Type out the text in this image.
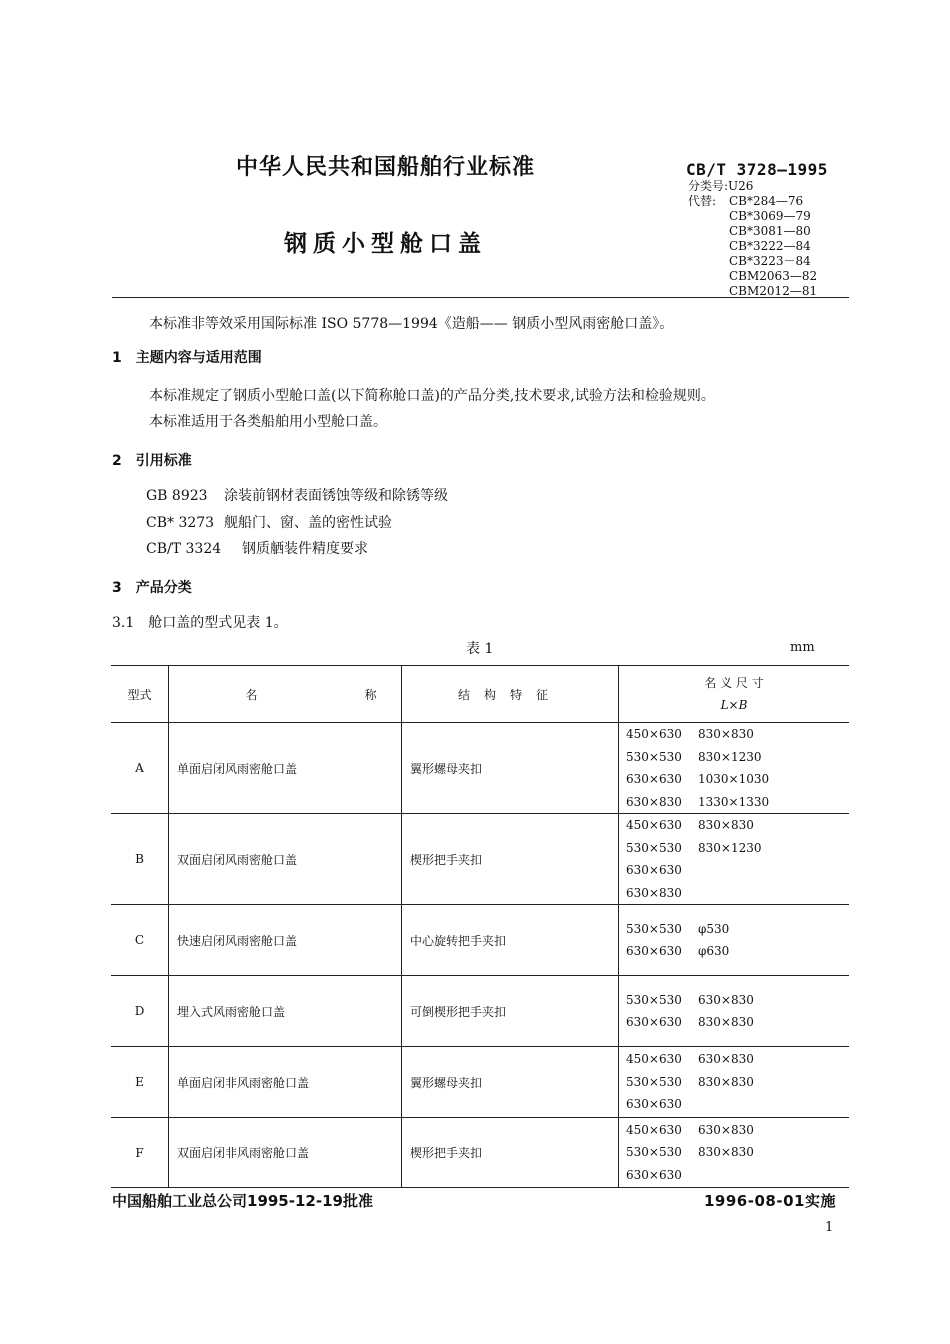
中华人民共和国船舶行业标准
钢质小型舱口盖
CB/T 3728—1995
分类号:U26
代替: CB*284—76
CB*3069—79
CB*3081—80
CB*3222—84
CB*3223－84
CBM2063—82
CBM2012—81
本标准非等效采用国际标准 ISO 5778—1994《造船—— 钢质小型风雨密舱口盖》。
1　主题内容与适用范围
本标准规定了钢质小型舱口盖(以下简称舱口盖)的产品分类,技术要求,试验方法和检验规则。
本标准适用于各类船舶用小型舱口盖。
2　引用标准
GB 8923 涂装前钢材表面锈蚀等级和除锈等级
CB* 3273 舰船门、窗、盖的密性试验
CB/T 3324 钢质舾装件精度要求
3　产品分类
3.1　舱口盖的型式见表 1。
表 1	mm
型式	名 称	结构特征	名 义 尺 寸
L×B

A	单面启闭风雨密舱口盖	翼形螺母夹扣	450×630 830×830
530×530 830×1230
630×630 1030×1030
630×830 1330×1330

B	双面启闭风雨密舱口盖	楔形把手夹扣	450×630 830×830
530×530 830×1230
630×630
630×830

C	快速启闭风雨密舱口盖	中心旋转把手夹扣	530×530 φ530
630×630 φ630

D	埋入式风雨密舱口盖	可倒楔形把手夹扣	530×530 630×830
630×630 830×830

E	单面启闭非风雨密舱口盖	翼形螺母夹扣	450×630 630×830
530×530 830×830
630×630

F	双面启闭非风雨密舱口盖	楔形把手夹扣	450×630 630×830
530×530 830×830
630×630
中国船舶工业总公司1995-12-19批准	1996-08-01实施
1
